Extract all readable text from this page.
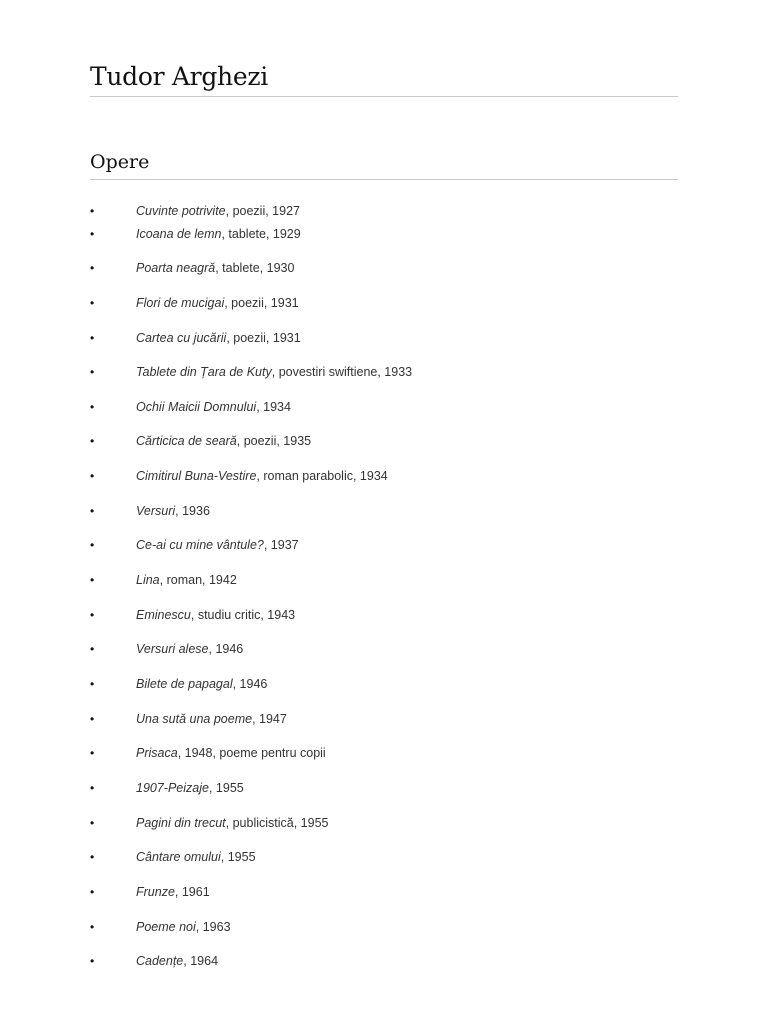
Tudor Arghezi
Opere
•	Cuvinte potrivite, poezii, 1927
•	Icoana de lemn, tablete, 1929
•	Poarta neagră, tablete, 1930
•	Flori de mucigai, poezii, 1931
•	Cartea cu jucării, poezii, 1931
•	Tablete din Țara de Kuty, povestiri swiftiene, 1933
•	Ochii Maicii Domnului, 1934
•	Cărticica de seară, poezii, 1935
•	Cimitirul Buna-Vestire, roman parabolic, 1934
•	Versuri, 1936
•	Ce-ai cu mine vântule?, 1937
•	Lina, roman, 1942
•	Eminescu, studiu critic, 1943
•	Versuri alese, 1946
•	Bilete de papagal, 1946
•	Una sută una poeme, 1947
•	Prisaca, 1948, poeme pentru copii
•	1907-Peizaje, 1955
•	Pagini din trecut, publicistică, 1955
•	Cântare omului, 1955
•	Frunze, 1961
•	Poeme noi, 1963
•	Cadențe, 1964
